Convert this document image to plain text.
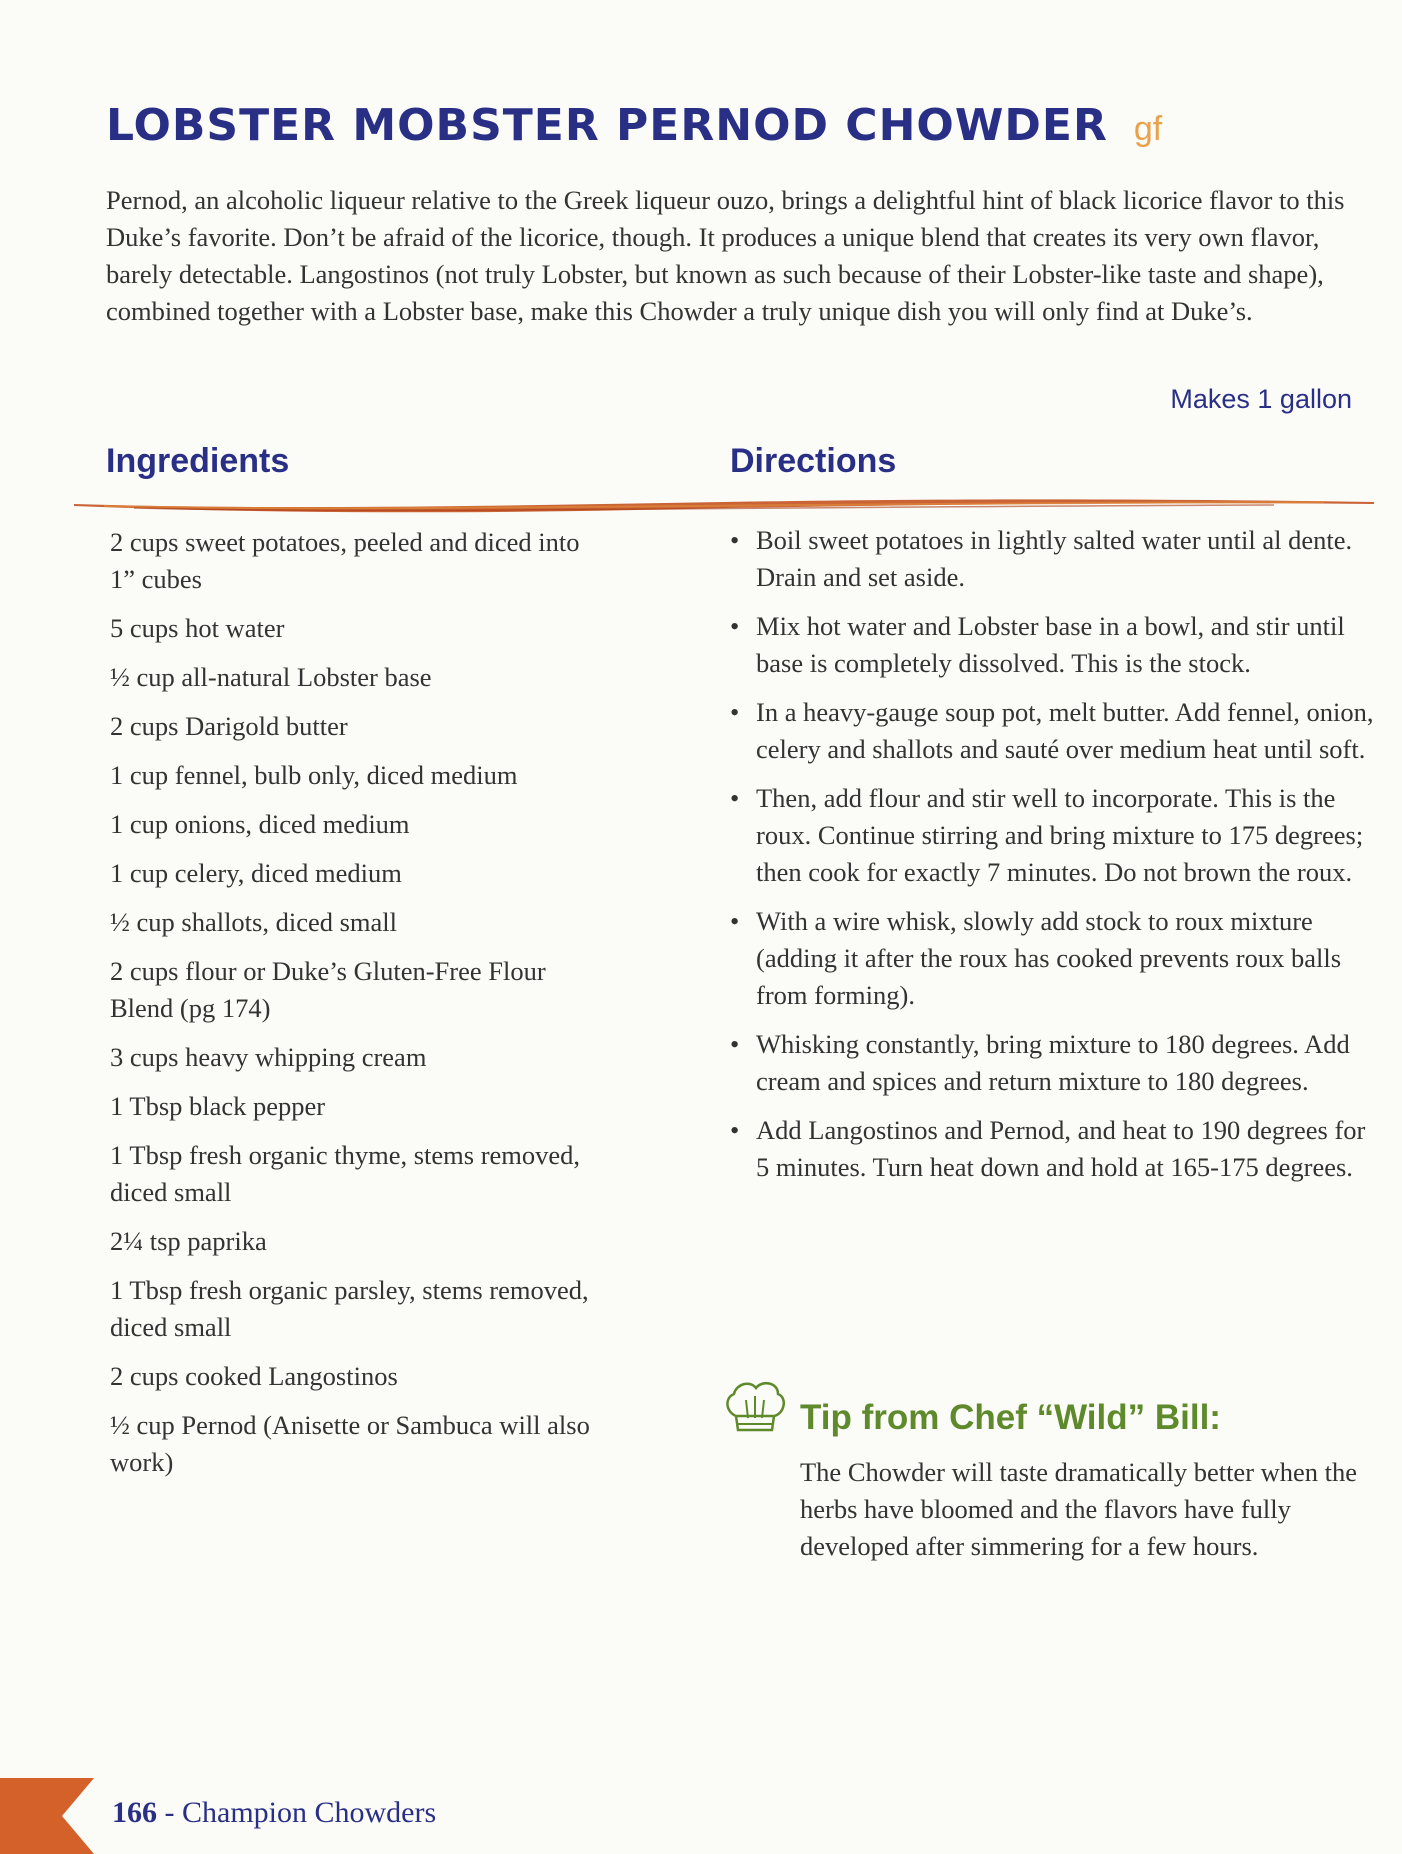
LOBSTER MOBSTER PERNOD CHOWDER gf

Pernod, an alcoholic liqueur relative to the Greek liqueur ouzo, brings a delightful hint of black licorice flavor to this Duke’s favorite. Don’t be afraid of the licorice, though. It produces a unique blend that creates its very own flavor, barely detectable. Langostinos (not truly Lobster, but known as such because of their Lobster-like taste and shape), combined together with a Lobster base, make this Chowder a truly unique dish you will only find at Duke’s.

Makes 1 gallon
Ingredients	Directions
2 cups sweet potatoes, peeled and diced into 1” cubes
5 cups hot water
½ cup all-natural Lobster base
2 cups Darigold butter
1 cup fennel, bulb only, diced medium
1 cup onions, diced medium
1 cup celery, diced medium
½ cup shallots, diced small
2 cups flour or Duke’s Gluten-Free Flour Blend (pg 174)
3 cups heavy whipping cream
1 Tbsp black pepper
1 Tbsp fresh organic thyme, stems removed, diced small
2¼ tsp paprika
1 Tbsp fresh organic parsley, stems removed, diced small
2 cups cooked Langostinos
½ cup Pernod (Anisette or Sambuca will also work)
• Boil sweet potatoes in lightly salted water until al dente. Drain and set aside.
• Mix hot water and Lobster base in a bowl, and stir until base is completely dissolved. This is the stock.
• In a heavy-gauge soup pot, melt butter. Add fennel, onion, celery and shallots and sauté over medium heat until soft.
• Then, add flour and stir well to incorporate. This is the roux. Continue stirring and bring mixture to 175 degrees; then cook for exactly 7 minutes. Do not brown the roux.
• With a wire whisk, slowly add stock to roux mixture (adding it after the roux has cooked prevents roux balls from forming).
• Whisking constantly, bring mixture to 180 degrees. Add cream and spices and return mixture to 180 degrees.
• Add Langostinos and Pernod, and heat to 190 degrees for 5 minutes. Turn heat down and hold at 165-175 degrees.
Tip from Chef “Wild” Bill:

The Chowder will taste dramatically better when the herbs have bloomed and the flavors have fully developed after simmering for a few hours.

166 - Champion Chowders
